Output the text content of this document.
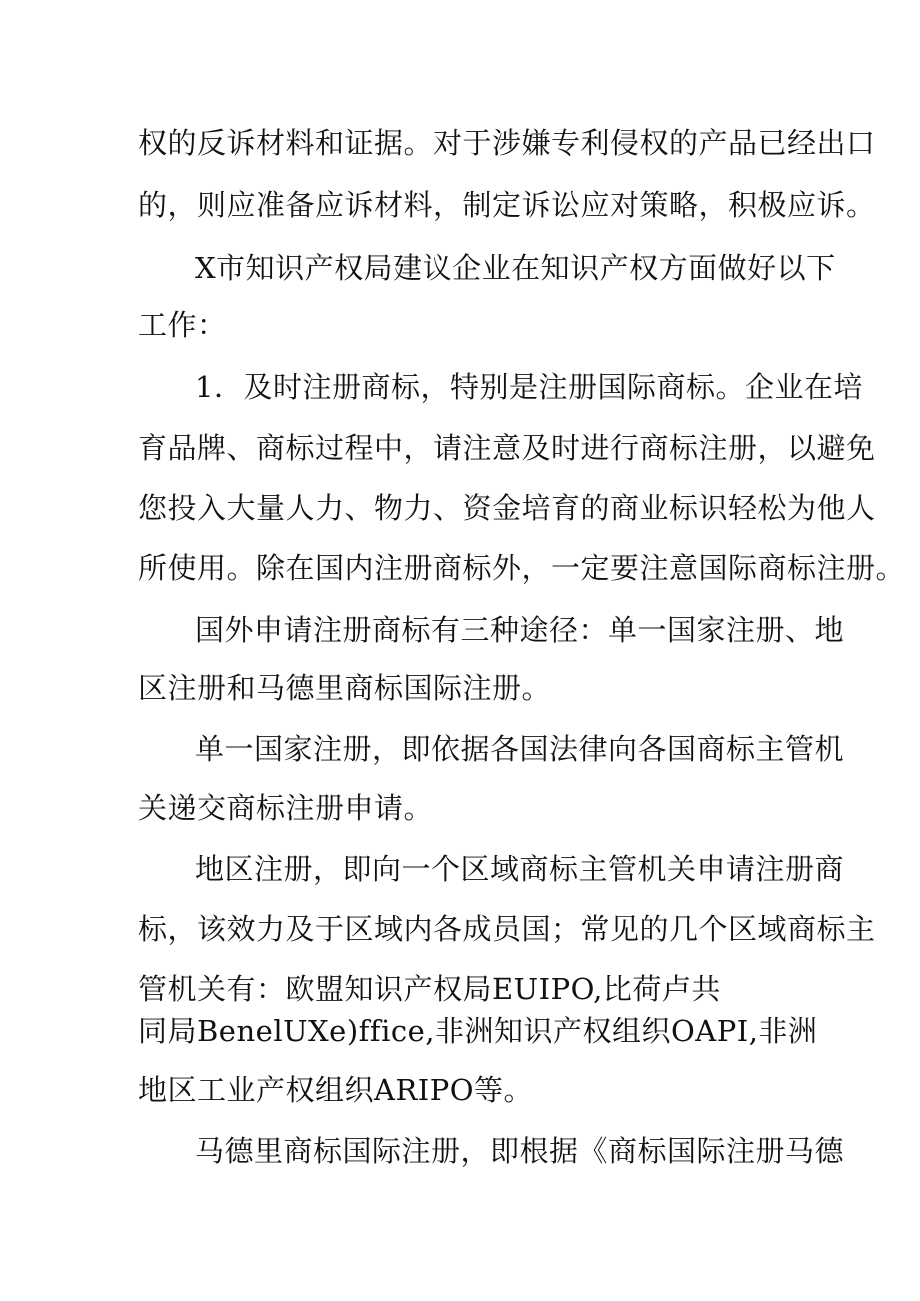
权的反诉材料和证据。对于涉嫌专利侵权的产品已经出口
的，则应准备应诉材料，制定诉讼应对策略，积极应诉。
X市知识产权局建议企业在知识产权方面做好以下
工作：
1．及时注册商标，特别是注册国际商标。企业在培
育品牌、商标过程中，请注意及时进行商标注册，以避免
您投入大量人力、物力、资金培育的商业标识轻松为他人
所使用。除在国内注册商标外，一定要注意国际商标注册。
国外申请注册商标有三种途径：单一国家注册、地
区注册和马德里商标国际注册。
单一国家注册，即依据各国法律向各国商标主管机
关递交商标注册申请。
地区注册，即向一个区域商标主管机关申请注册商
标，该效力及于区域内各成员国；常见的几个区域商标主
管机关有：欧盟知识产权局EUIPO,比荷卢共
同局BenelUXe)ffice,非洲知识产权组织OAPI,非洲
地区工业产权组织ARIPO等。
马德里商标国际注册，即根据《商标国际注册马德
